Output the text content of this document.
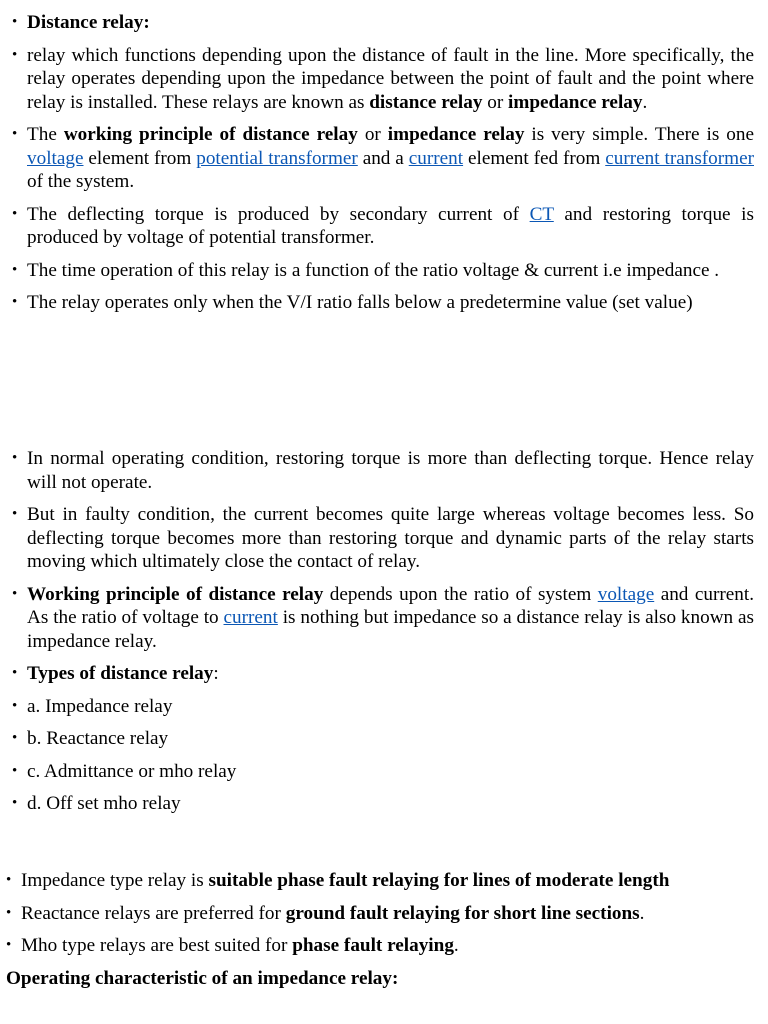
• Distance relay:
• relay which functions depending upon the distance of fault in the line. More specifically, the relay operates depending upon the impedance between the point of fault and the point where relay is installed. These relays are known as distance relay or impedance relay.
• The working principle of distance relay or impedance relay is very simple. There is one voltage element from potential transformer and a current element fed from current transformer of the system.
• The deflecting torque is produced by secondary current of CT and restoring torque is produced by voltage of potential transformer.
• The time operation of this relay is a function of the ratio voltage & current i.e impedance .
• The relay operates only when the V/I ratio falls below a predetermine value (set value)
• In normal operating condition, restoring torque is more than deflecting torque. Hence relay will not operate.
• But in faulty condition, the current becomes quite large whereas voltage becomes less. So deflecting torque becomes more than restoring torque and dynamic parts of the relay starts moving which ultimately close the contact of relay.
• Working principle of distance relay depends upon the ratio of system voltage and current. As the ratio of voltage to current is nothing but impedance so a distance relay is also known as impedance relay.
• Types of distance relay:
• a. Impedance relay
• b. Reactance relay
• c. Admittance or mho relay
• d. Off set mho relay
• Impedance type relay is suitable phase fault relaying for lines of moderate length
• Reactance relays are preferred for ground fault relaying for short line sections.
• Mho type relays are best suited for phase fault relaying.
Operating characteristic of an impedance relay:
